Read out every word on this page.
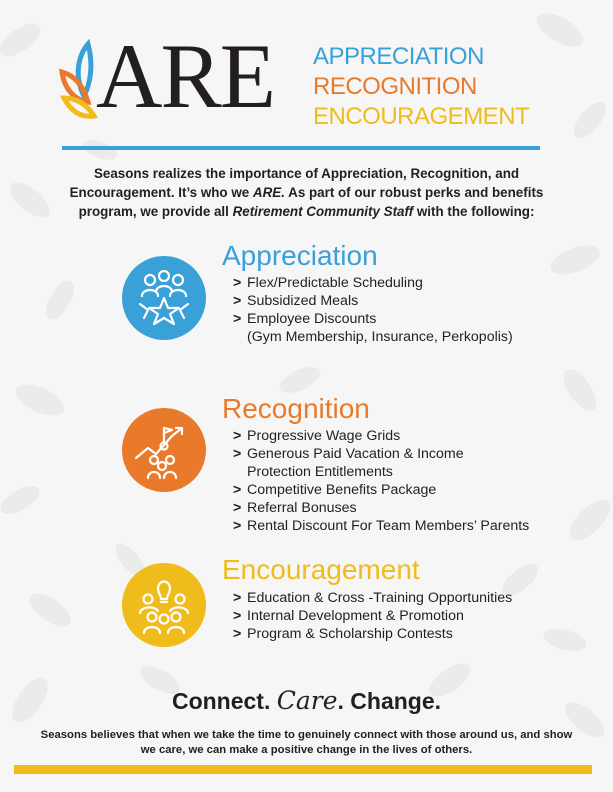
ARE APPRECIATION

RECOGNITION

ENCOURAGEMENT

Seasons realizes the importance of Appreciation, Recognition, and Encouragement. It’s who we ARE. As part of our robust perks and benefits program, we provide all Retirement Community Staff with the following:

Appreciation
> Flex/Predictable Scheduling
> Subsidized Meals
> Employee Discounts
(Gym Membership, Insurance, Perkopolis)
Recognition
> Progressive Wage Grids
> Generous Paid Vacation & Income
Protection Entitlements
> Competitive Benefits Package
> Referral Bonuses
> Rental Discount For Team Members’ Parents
Encouragement
> Education & Cross -Training Opportunities
> Internal Development & Promotion
> Program & Scholarship Contests

Connect. Care. Change.

Seasons believes that when we take the time to genuinely connect with those around us, and show we care, we can make a positive change in the lives of others.
